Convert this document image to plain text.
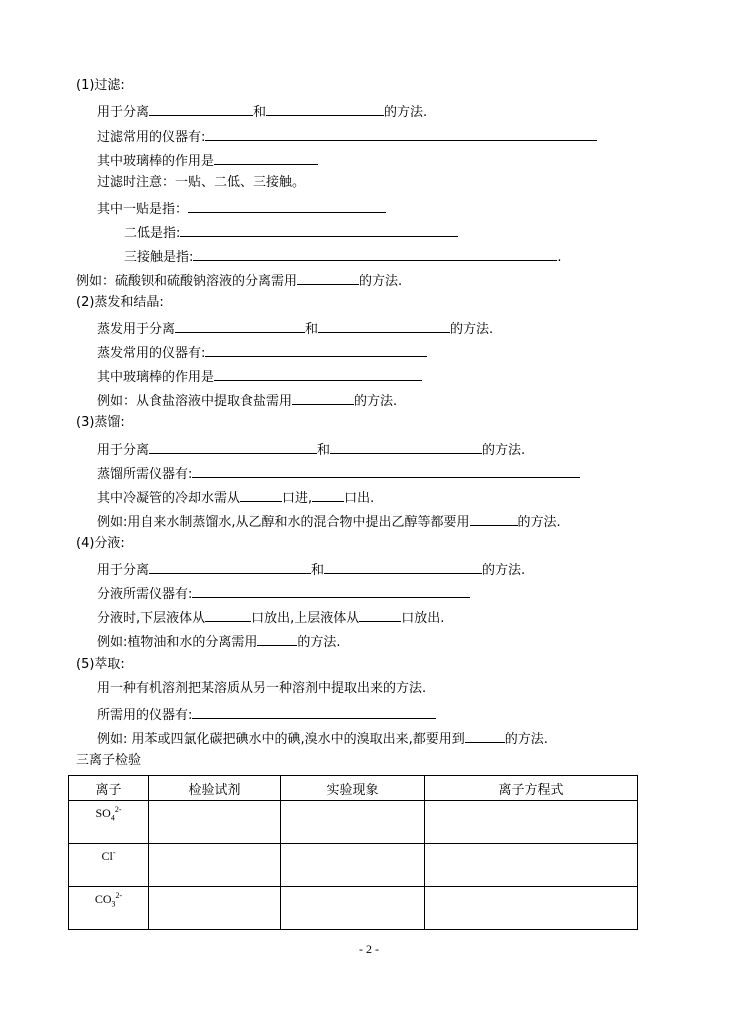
(1)过滤:
用于分离	和	的方法.
过滤常用的仪器有:
其中玻璃棒的作用是
过滤时注意：一贴、二低、三接触。
其中一贴是指：
二低是指:
三接触是指:	.
例如：硫酸钡和硫酸钠溶液的分离需用	的方法.
(2)蒸发和结晶:
蒸发用于分离	和	的方法.
蒸发常用的仪器有:
其中玻璃棒的作用是
例如：从食盐溶液中提取食盐需用	的方法.
(3)蒸馏:
用于分离	和	的方法.
蒸馏所需仪器有:
其中冷凝管的冷却水需从	口进, 口出.
例如:用自来水制蒸馏水,从乙醇和水的混合物中提出乙醇等都要用	的方法.
(4)分液:
用于分离	和	的方法.
分液所需仪器有:
分液时,下层液体从	口放出,上层液体从	口放出.
例如:植物油和水的分离需用	的方法.
(5)萃取:
用一种有机溶剂把某溶质从另一种溶剂中提取出来的方法.
所需用的仪器有:
例如: 用苯或四氯化碳把碘水中的碘,溴水中的溴取出来,都要用到	的方法.
三离子检验
离子	检验试剂	实验现象	离子方程式

$SO_4^{2-}$

Cl-

$CO_3^{2-}$

- 2 -
